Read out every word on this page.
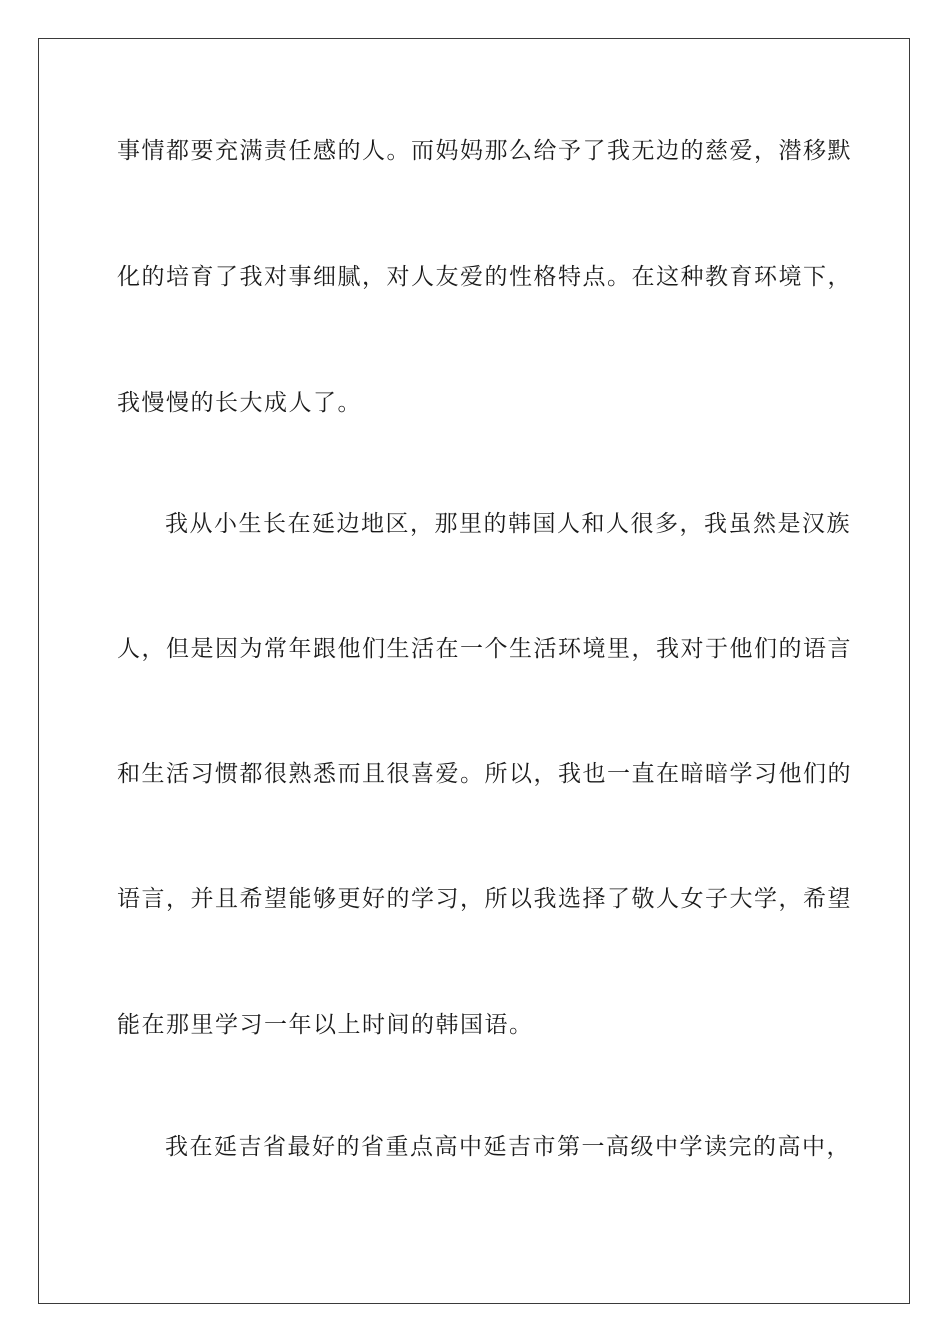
事情都要充满责任感的人。而妈妈那么给予了我无边的慈爱，潜移默
化的培育了我对事细腻，对人友爱的性格特点。在这种教育环境下，
我慢慢的长大成人了。
我从小生长在延边地区，那里的韩国人和人很多，我虽然是汉族
人，但是因为常年跟他们生活在一个生活环境里，我对于他们的语言
和生活习惯都很熟悉而且很喜爱。所以，我也一直在暗暗学习他们的
语言，并且希望能够更好的学习，所以我选择了敬人女子大学，希望
能在那里学习一年以上时间的韩国语。
我在延吉省最好的省重点高中延吉市第一高级中学读完的高中，
